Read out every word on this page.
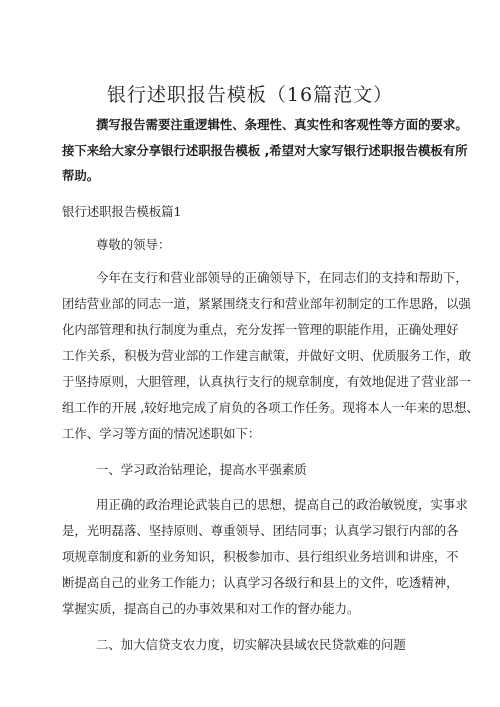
银行述职报告模板（16篇范文）

撰写报告需要注重逻辑性、条理性、真实性和客观性等方面的要求。

接下来给大家分享银行述职报告模板 ,希望对大家写银行述职报告模板有所

帮助。

银行述职报告模板篇1

尊敬的领导：

今年在支行和营业部领导的正确领导下，在同志们的支持和帮助下，

团结营业部的同志一道，紧紧围绕支行和营业部年初制定的工作思路，以强

化内部管理和执行制度为重点，充分发挥一管理的职能作用，正确处理好

工作关系，积极为营业部的工作建言献策，并做好文明、优质服务工作，敢

于坚持原则，大胆管理，认真执行支行的规章制度，有效地促进了营业部一

组工作的开展 ,较好地完成了肩负的各项工作任务。现将本人一年来的思想、

工作、学习等方面的情况述职如下：

一、学习政治钻理论，提高水平强素质

用正确的政治理论武装自己的思想，提高自己的政治敏锐度，实事求

是，光明磊落、坚持原则、尊重领导、团结同事；认真学习银行内部的各

项规章制度和新的业务知识，积极参加市、县行组织业务培训和讲座，不

断提高自己的业务工作能力；认真学习各级行和县上的文件，吃透精神，

掌握实质，提高自己的办事效果和对工作的督办能力。

二、加大信贷支农力度，切实解决县域农民贷款难的问题
